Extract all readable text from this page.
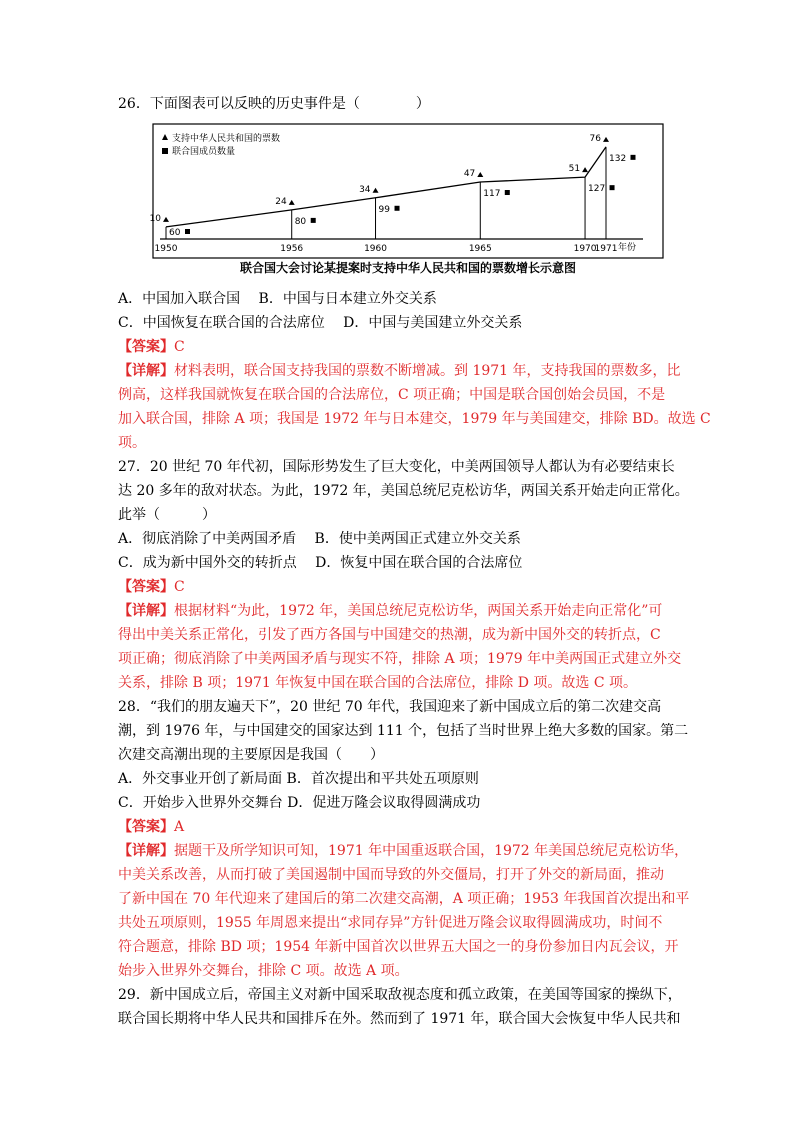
26．下面图表可以反映的历史事件是（　　　　）
支持中华人民共和国的票数
联合国成员数量
10
60
1950
24
80
1956
34
99
1960
47
117
1965
51
127
1970
76
132
1971 年份
联合国大会讨论某提案时支持中华人民共和国的票数增长示意图
A．中国加入联合国　 B．中国与日本建立外交关系
C．中国恢复在联合国的合法席位　 D．中国与美国建立外交关系
【答案】C
【详解】材料表明，联合国支持我国的票数不断增减。到 1971 年，支持我国的票数多，比
例高，这样我国就恢复在联合国的合法席位，C 项正确；中国是联合国创始会员国，不是
加入联合国，排除 A 项；我国是 1972 年与日本建交，1979 年与美国建交，排除 BD。故选 C
项。
27．20 世纪 70 年代初，国际形势发生了巨大变化，中美两国领导人都认为有必要结束长
达 20 多年的敌对状态。为此，1972 年，美国总统尼克松访华，两国关系开始走向正常化。
此举（　　　）
A．彻底消除了中美两国矛盾　 B．使中美两国正式建立外交关系
C．成为新中国外交的转折点　 D．恢复中国在联合国的合法席位
【答案】C
【详解】根据材料“为此，1972 年，美国总统尼克松访华，两国关系开始走向正常化”可
得出中美关系正常化，引发了西方各国与中国建交的热潮，成为新中国外交的转折点，C
项正确；彻底消除了中美两国矛盾与现实不符，排除 A 项；1979 年中美两国正式建立外交
关系，排除 B 项；1971 年恢复中国在联合国的合法席位，排除 D 项。故选 C 项。
28．“我们的朋友遍天下”，20 世纪 70 年代，我国迎来了新中国成立后的第二次建交高
潮，到 1976 年，与中国建交的国家达到 111 个，包括了当时世界上绝大多数的国家。第二
次建交高潮出现的主要原因是我国（　　）
A．外交事业开创了新局面 B．首次提出和平共处五项原则
C．开始步入世界外交舞台 D．促进万隆会议取得圆满成功
【答案】A
【详解】据题干及所学知识可知，1971 年中国重返联合国，1972 年美国总统尼克松访华，
中美关系改善，从而打破了美国遏制中国而导致的外交僵局，打开了外交的新局面，推动
了新中国在 70 年代迎来了建国后的第二次建交高潮，A 项正确；1953 年我国首次提出和平
共处五项原则，1955 年周恩来提出“求同存异”方针促进万隆会议取得圆满成功，时间不
符合题意，排除 BD 项；1954 年新中国首次以世界五大国之一的身份参加日内瓦会议，开
始步入世界外交舞台，排除 C 项。故选 A 项。
29．新中国成立后，帝国主义对新中国采取敌视态度和孤立政策，在美国等国家的操纵下，
联合国长期将中华人民共和国排斥在外。然而到了 1971 年，联合国大会恢复中华人民共和
